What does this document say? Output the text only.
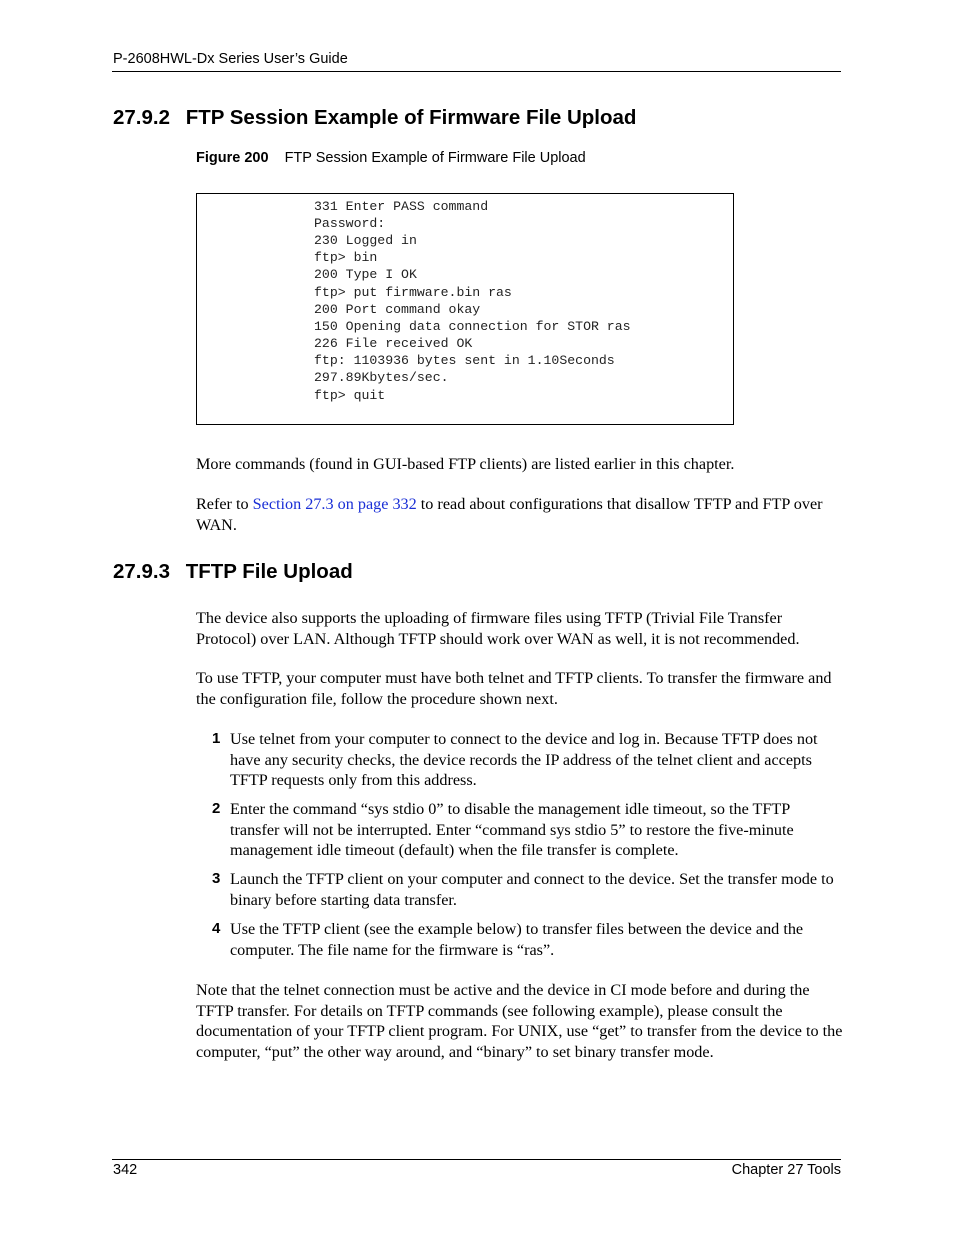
P-2608HWL-Dx Series User’s Guide
27.9.2 FTP Session Example of Firmware File Upload
Figure 200 FTP Session Example of Firmware File Upload
331 Enter PASS command
Password:
230 Logged in
ftp> bin
200 Type I OK
ftp> put firmware.bin ras
200 Port command okay
150 Opening data connection for STOR ras
226 File received OK
ftp: 1103936 bytes sent in 1.10Seconds
297.89Kbytes/sec.
ftp> quit
More commands (found in GUI-based FTP clients) are listed earlier in this chapter.
Refer to Section 27.3 on page 332 to read about configurations that disallow TFTP and FTP over WAN.
27.9.3 TFTP File Upload
The device also supports the uploading of firmware files using TFTP (Trivial File Transfer Protocol) over LAN. Although TFTP should work over WAN as well, it is not recommended.
To use TFTP, your computer must have both telnet and TFTP clients. To transfer the firmware and the configuration file, follow the procedure shown next.
1 Use telnet from your computer to connect to the device and log in. Because TFTP does not have any security checks, the device records the IP address of the telnet client and accepts TFTP requests only from this address.
2 Enter the command “sys stdio 0” to disable the management idle timeout, so the TFTP transfer will not be interrupted. Enter “command sys stdio 5” to restore the five-minute management idle timeout (default) when the file transfer is complete.
3 Launch the TFTP client on your computer and connect to the device. Set the transfer mode to binary before starting data transfer.
4 Use the TFTP client (see the example below) to transfer files between the device and the computer. The file name for the firmware is “ras”.
Note that the telnet connection must be active and the device in CI mode before and during the TFTP transfer. For details on TFTP commands (see following example), please consult the documentation of your TFTP client program. For UNIX, use “get” to transfer from the device to the computer, “put” the other way around, and “binary” to set binary transfer mode.
342	Chapter 27 Tools
